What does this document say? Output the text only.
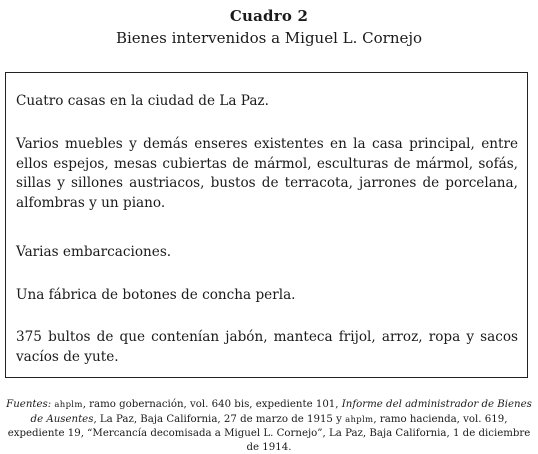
Cuadro 2
Bienes intervenidos a Miguel L. Cornejo

Cuatro casas en la ciudad de La Paz.

Varios muebles y demás enseres existentes en la casa principal, entre ellos espejos, mesas cubiertas de mármol, esculturas de mármol, sofás, sillas y sillones austriacos, bustos de terracota, jarrones de porcelana, alfombras y un piano.

Varias embarcaciones.

Una fábrica de botones de concha perla.

375 bultos de que contenían jabón, manteca frijol, arroz, ropa y sacos vacíos de yute.

Fuentes: ahplm, ramo gobernación, vol. 640 bis, expediente 101, Informe del administrador de Bienes de Ausentes, La Paz, Baja California, 27 de marzo de 1915 y ahplm, ramo hacienda, vol. 619, expediente 19, “Mercancía decomisada a Miguel L. Cornejo”, La Paz, Baja California, 1 de diciembre de 1914.
